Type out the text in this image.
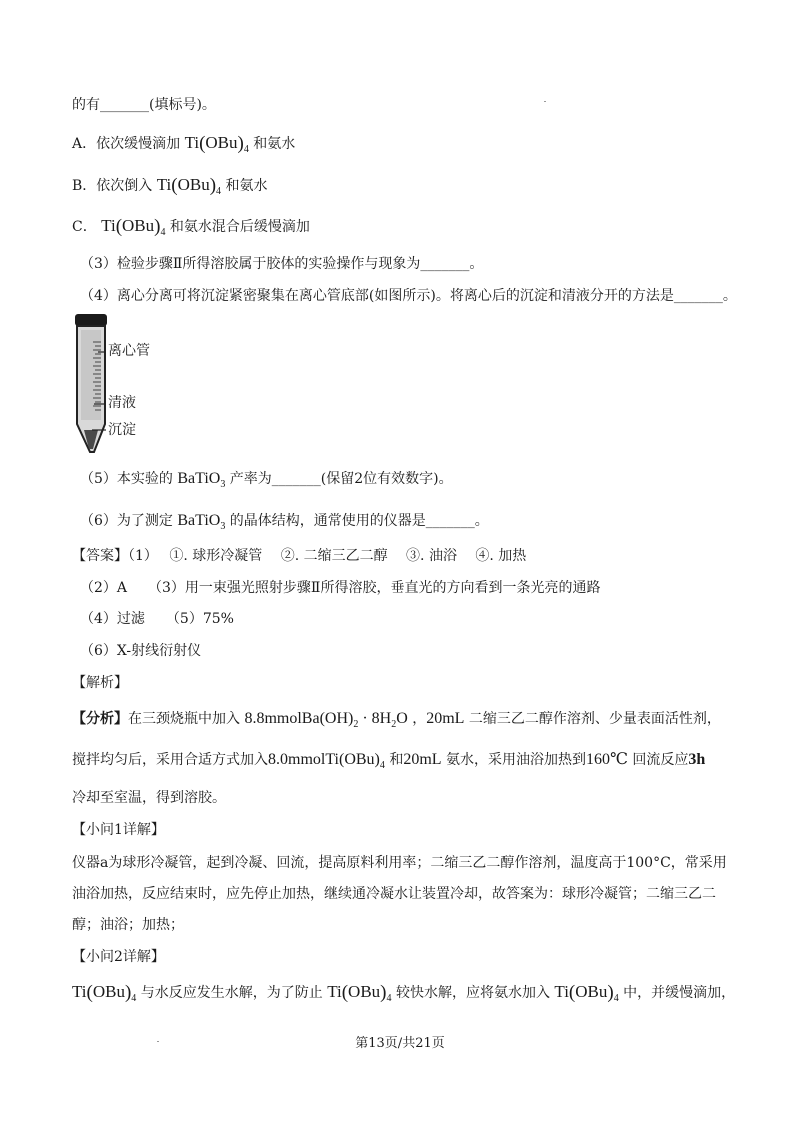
的有_______(填标号)。
A．依次缓慢滴加 $Ti(OBu)_4$ 和氨水
B．依次倒入 $Ti(OBu)_4$ 和氨水
C． $Ti(OBu)_4$ 和氨水混合后缓慢滴加
（3）检验步骤Ⅱ所得溶胶属于胶体的实验操作与现象为_______。
（4）离心分离可将沉淀紧密聚集在离心管底部(如图所示)。将离心后的沉淀和清液分开的方法是_______。
离心管
清液
沉淀
（5）本实验的 BaTiO$_3$ 产率为_______(保留2位有效数字)。
（6）为了测定 BaTiO$_3$ 的晶体结构，通常使用的仪器是_______。
【答案】（1）　 ①. 球形冷凝管　 ②. 二缩三乙二醇　 ③. 油浴　 ④. 加热
（2）A　　（3）用一束强光照射步骤Ⅱ所得溶胶，垂直光的方向看到一条光亮的通路
（4）过滤　　（5）75%
（6）X-射线衍射仪
【解析】
【分析】在三颈烧瓶中加入 $8.8mmolBa(OH)_2 \cdot 8H_2O$ ，20mL 二缩三乙二醇作溶剂、少量表面活性剂，
搅拌均匀后，采用合适方式加入$8.0mmolTi(OBu)_4$ 和20mL 氨水，采用油浴加热到160℃ 回流反应3h
冷却至室温，得到溶胶。
【小问1详解】
仪器a为球形冷凝管，起到冷凝、回流，提高原料利用率；二缩三乙二醇作溶剂，温度高于100°C，常采用
油浴加热，反应结束时，应先停止加热，继续通冷凝水让装置冷却，故答案为：球形冷凝管；二缩三乙二
醇；油浴；加热；
【小问2详解】
$Ti(OBu)_4$ 与水反应发生水解，为了防止 $Ti(OBu)_4$ 较快水解，应将氨水加入 $Ti(OBu)_4$ 中，并缓慢滴加，
第13页/共21页
